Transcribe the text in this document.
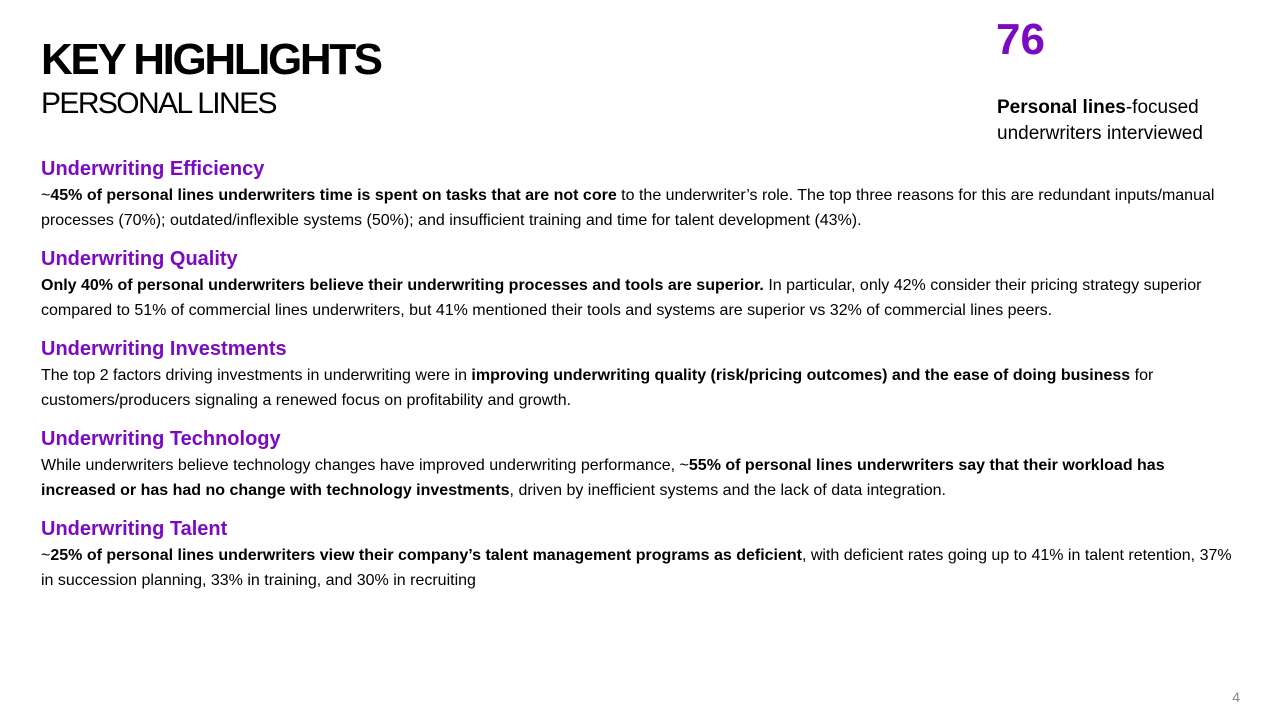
KEY HIGHLIGHTS
PERSONAL LINES
76
Personal lines-focused underwriters interviewed
Underwriting Efficiency
~45% of personal lines underwriters time is spent on tasks that are not core to the underwriter’s role. The top three reasons for this are redundant inputs/manual processes (70%); outdated/inflexible systems (50%); and insufficient training and time for talent development (43%).
Underwriting Quality
Only 40% of personal underwriters believe their underwriting processes and tools are superior. In particular, only 42% consider their pricing strategy superior compared to 51% of commercial lines underwriters, but 41% mentioned their tools and systems are superior vs 32% of commercial lines peers.
Underwriting Investments
The top 2 factors driving investments in underwriting were in improving underwriting quality (risk/pricing outcomes) and the ease of doing business for customers/producers signaling a renewed focus on profitability and growth.
Underwriting Technology
While underwriters believe technology changes have improved underwriting performance, ~55% of personal lines underwriters say that their workload has increased or has had no change with technology investments, driven by inefficient systems and the lack of data integration.
Underwriting Talent
~25% of personal lines underwriters view their company’s talent management programs as deficient, with deficient rates going up to 41% in talent retention, 37% in succession planning, 33% in training, and 30% in recruiting
4
